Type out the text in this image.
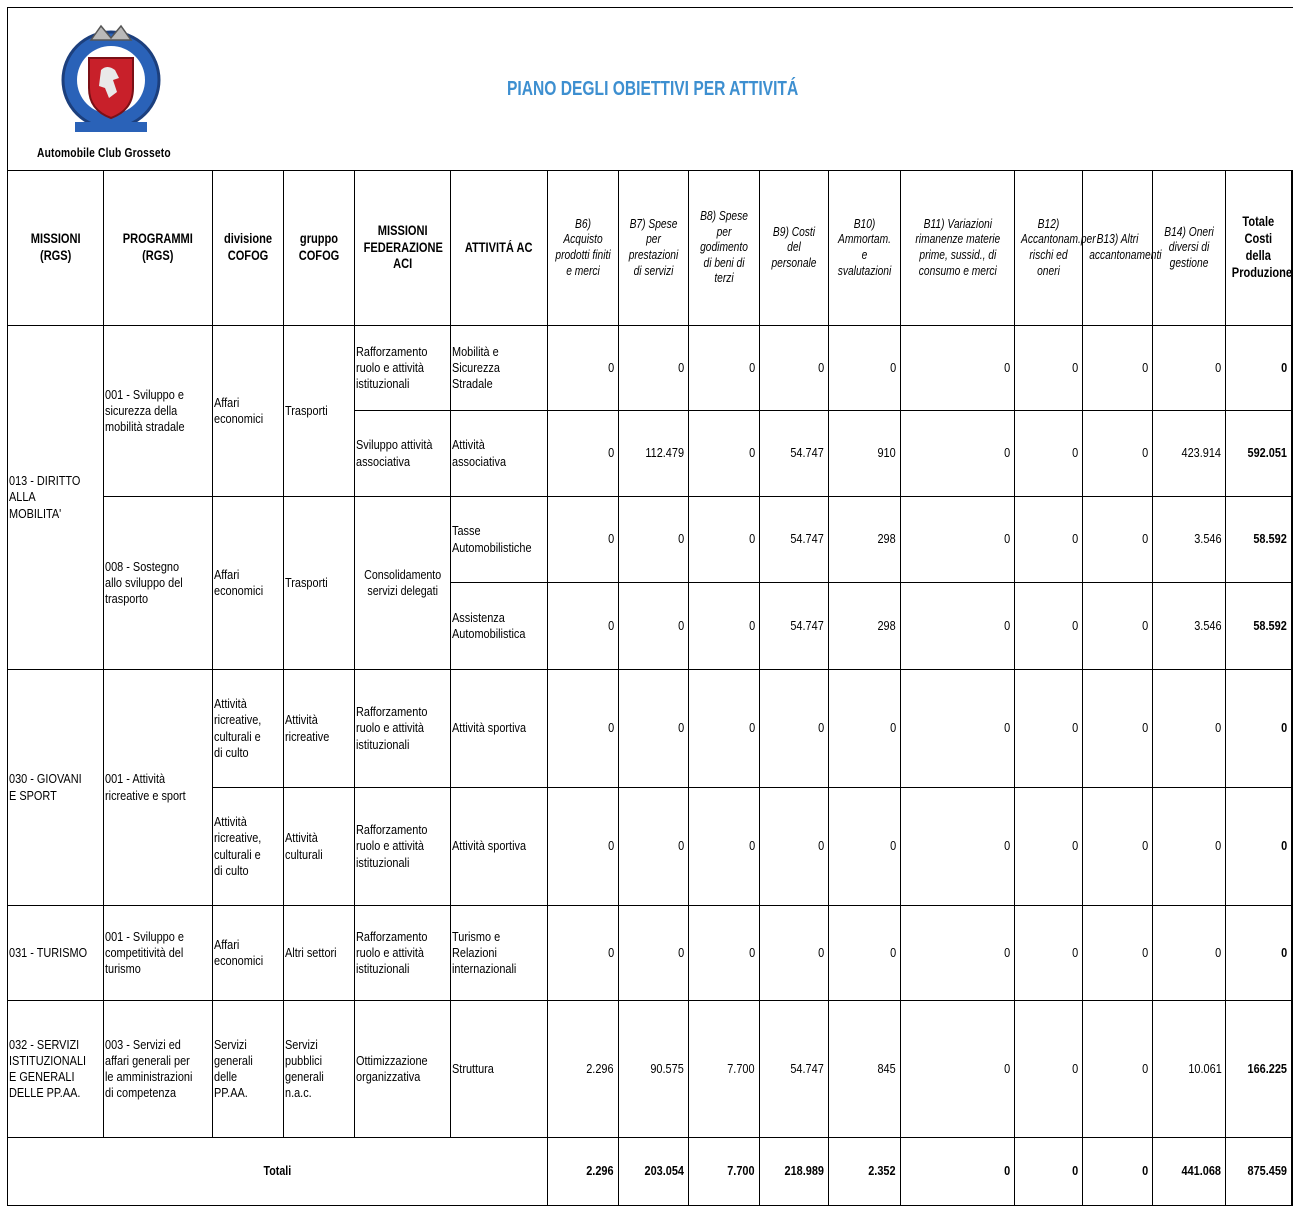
Automobile Club Grosseto
PIANO DEGLI OBIETTIVI PER ATTIVITÁ
MISSIONI (RGS)	PROGRAMMI (RGS)	divisione COFOG	gruppo COFOG	MISSIONI FEDERAZIONE ACI	ATTIVITÁ AC	B6) Acquisto prodotti finiti e merci	B7) Spese per prestazioni di servizi	B8) Spese per godimento di beni di terzi	B9) Costi del personale	B10) Ammortam. e svalutazioni	B11) Variazioni rimanenze materie prime, sussid., di consumo e merci	B12) Accantonam.per rischi ed oneri	B13) Altri accantonamenti	B14) Oneri diversi di gestione	Totale Costi della Produzione

013 - DIRITTO ALLA MOBILITA'	001 - Sviluppo e sicurezza della mobilità stradale	Affari economici	Trasporti	Rafforzamento ruolo e attività istituzionali	Mobilità e Sicurezza Stradale	0	0	0	0	0	0	0	0	0	0

				Sviluppo attività associativa	Attività associativa	0	112.479	0	54.747	910	0	0	0	423.914	592.051

	008 - Sostegno allo sviluppo del trasporto	Affari economici	Trasporti	Consolidamento servizi delegati	Tasse Automobilistiche	0	0	0	54.747	298	0	0	0	3.546	58.592

					Assistenza Automobilistica	0	0	0	54.747	298	0	0	0	3.546	58.592

030 - GIOVANI E SPORT	001 - Attività ricreative e sport	Attività ricreative, culturali e di culto	Attività ricreative	Rafforzamento ruolo e attività istituzionali	Attività sportiva	0	0	0	0	0	0	0	0	0	0

		Attività ricreative, culturali e di culto	Attività culturali	Rafforzamento ruolo e attività istituzionali	Attività sportiva	0	0	0	0	0	0	0	0	0	0

031 - TURISMO	001 - Sviluppo e competitività del turismo	Affari economici	Altri settori	Rafforzamento ruolo e attività istituzionali	Turismo e Relazioni internazionali	0	0	0	0	0	0	0	0	0	0

032 - SERVIZI ISTITUZIONALI E GENERALI DELLE PP.AA.	003 - Servizi ed affari generali per le amministrazioni di competenza	Servizi generali delle PP.AA.	Servizi pubblici generali n.a.c.	Ottimizzazione organizzativa	Struttura	2.296	90.575	7.700	54.747	845	0	0	0	10.061	166.225

Totali						2.296	203.054	7.700	218.989	2.352	0	0	0	441.068	875.459
